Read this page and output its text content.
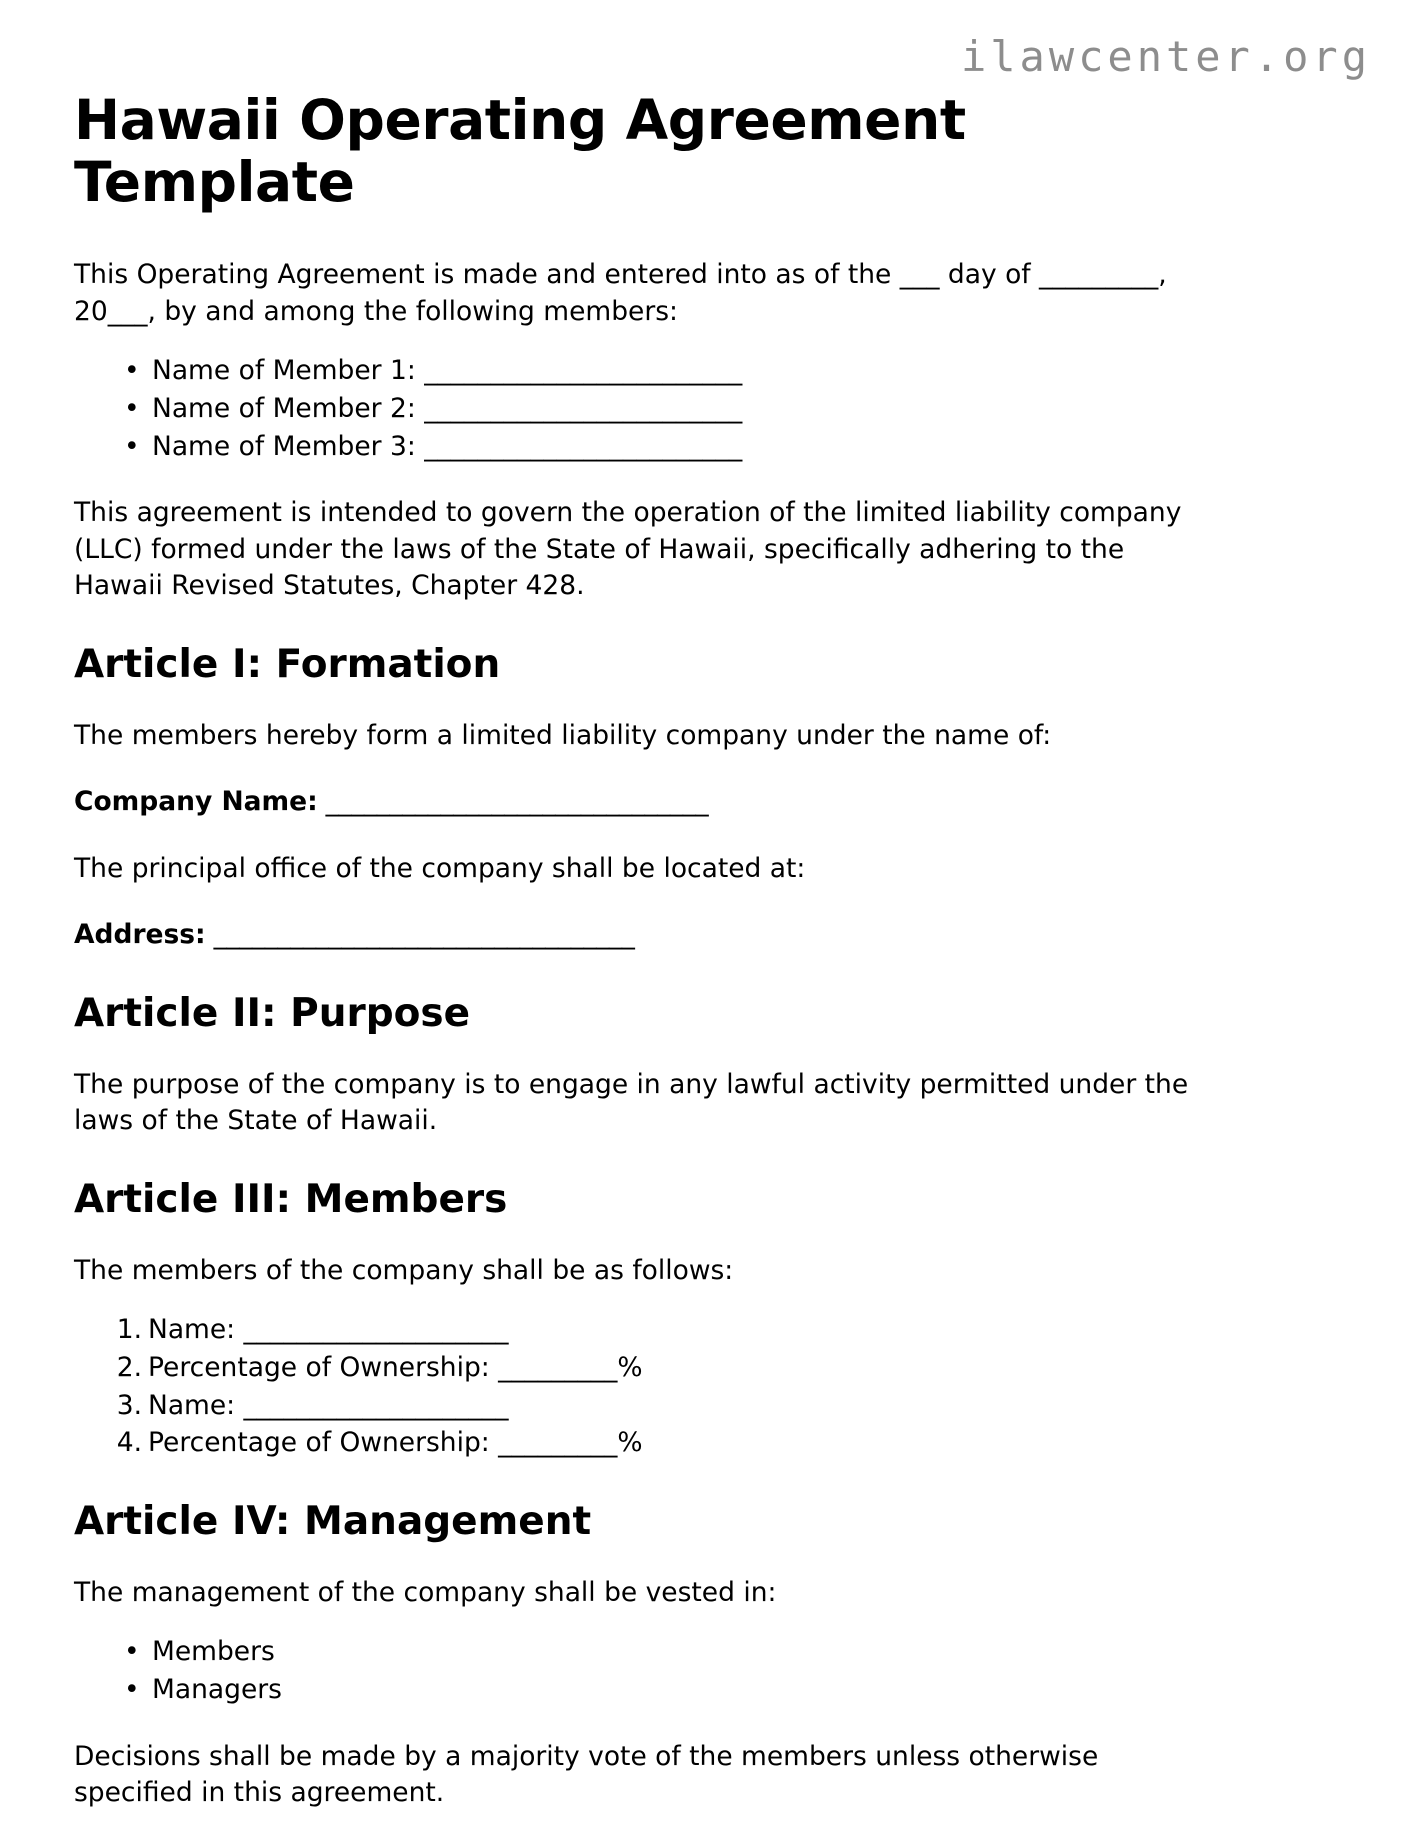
ilawcenter.org
Hawaii Operating Agreement Template

This Operating Agreement is made and entered into as of the ___ day of _________, 20___, by and among the following members:

• Name of Member 1: ________________________
• Name of Member 2: ________________________
• Name of Member 3: ________________________

This agreement is intended to govern the operation of the limited liability company (LLC) formed under the laws of the State of Hawaii, specifically adhering to the Hawaii Revised Statutes, Chapter 428.

Article I: Formation

The members hereby form a limited liability company under the name of:

Company Name: ______________________________

The principal office of the company shall be located at:

Address: _________________________________

Article II: Purpose

The purpose of the company is to engage in any lawful activity permitted under the laws of the State of Hawaii.

Article III: Members

The members of the company shall be as follows:

Name: ____________________
Percentage of Ownership: _________%
Name: ____________________
Percentage of Ownership: _________%
Article IV: Management

The management of the company shall be vested in:

• Members
• Managers

Decisions shall be made by a majority vote of the members unless otherwise specified in this agreement.
